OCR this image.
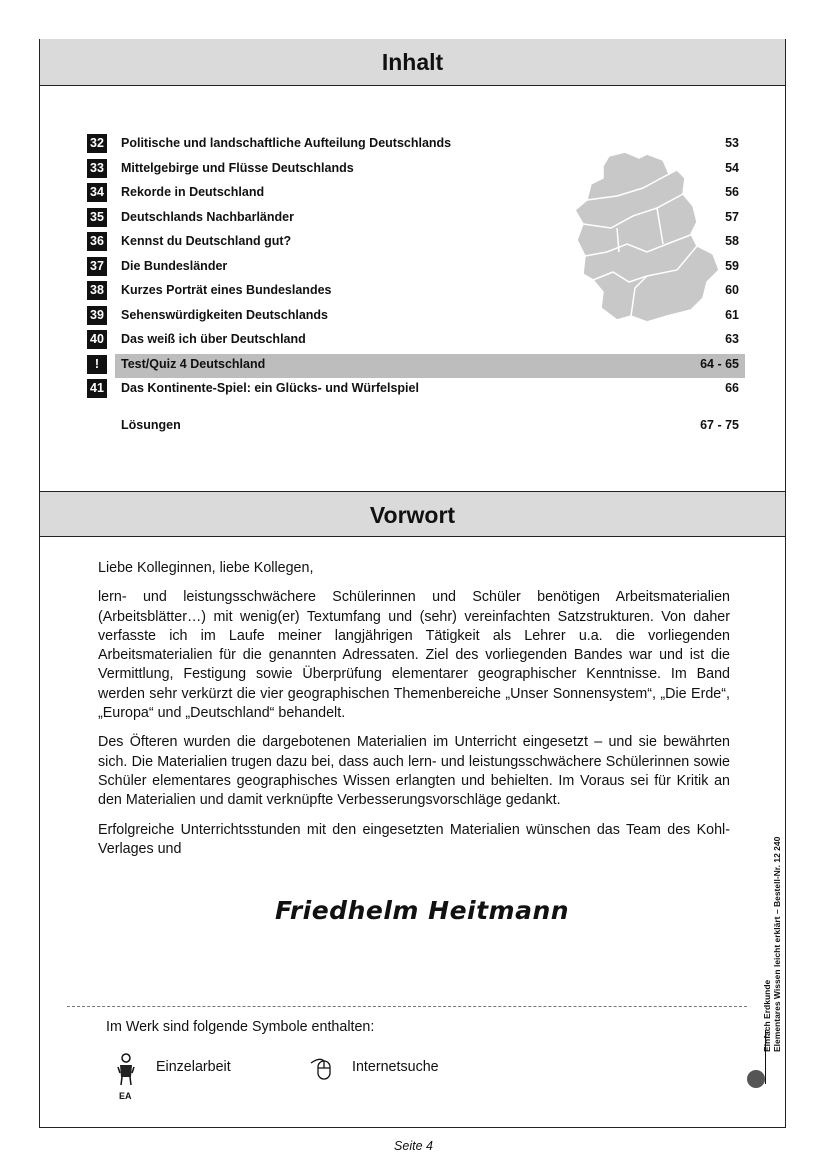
Inhalt
32 Politische und landschaftliche Aufteilung Deutschlands	53
33 Mittelgebirge und Flüsse Deutschlands	54
34 Rekorde in Deutschland	56
35 Deutschlands Nachbarländer	57
36 Kennst du Deutschland gut?	58
37 Die Bundesländer	59
38 Kurzes Porträt eines Bundeslandes	60
39 Sehenswürdigkeiten Deutschlands	61
40 Das weiß ich über Deutschland	63
!	Test/Quiz 4 Deutschland	64 - 65
41 Das Kontinente-Spiel: ein Glücks- und Würfelspiel	66
Lösungen	67 - 75
Vorwort

Liebe Kolleginnen, liebe Kollegen,

lern- und leistungsschwächere Schülerinnen und Schüler benötigen Arbeitsmaterialien (Arbeitsblätter…) mit wenig(er) Textumfang und (sehr) vereinfachten Satzstrukturen. Von daher verfasste ich im Laufe meiner langjährigen Tätigkeit als Lehrer u.a. die vorliegenden Arbeitsmaterialien für die genannten Adressaten. Ziel des vorliegenden Bandes war und ist die Vermittlung, Festigung sowie Überprüfung elementarer geographischer Kenntnisse. Im Band werden sehr verkürzt die vier geographischen Themenbereiche „Unser Sonnensystem“, „Die Erde“, „Europa“ und „Deutschland“ behandelt.

Des Öfteren wurden die dargebotenen Materialien im Unterricht eingesetzt – und sie bewährten sich. Die Materialien trugen dazu bei, dass auch lern- und leistungsschwächere Schülerinnen sowie Schüler elementares geographisches Wissen erlangten und behielten. Im Voraus sei für Kritik an den Materialien und damit verknüpfte Verbesserungsvorschläge gedankt.

Erfolgreiche Unterrichtsstunden mit den eingesetzten Materialien wünschen das Team des Kohl-Verlages und

Friedhelm Heitmann
Im Werk sind folgende Symbole enthalten:
EA
Einzelarbeit	Internetsuche
Einfach Erdkunde Elementares Wissen leicht erklärt – Bestell-Nr. 12 240
Seite 4
